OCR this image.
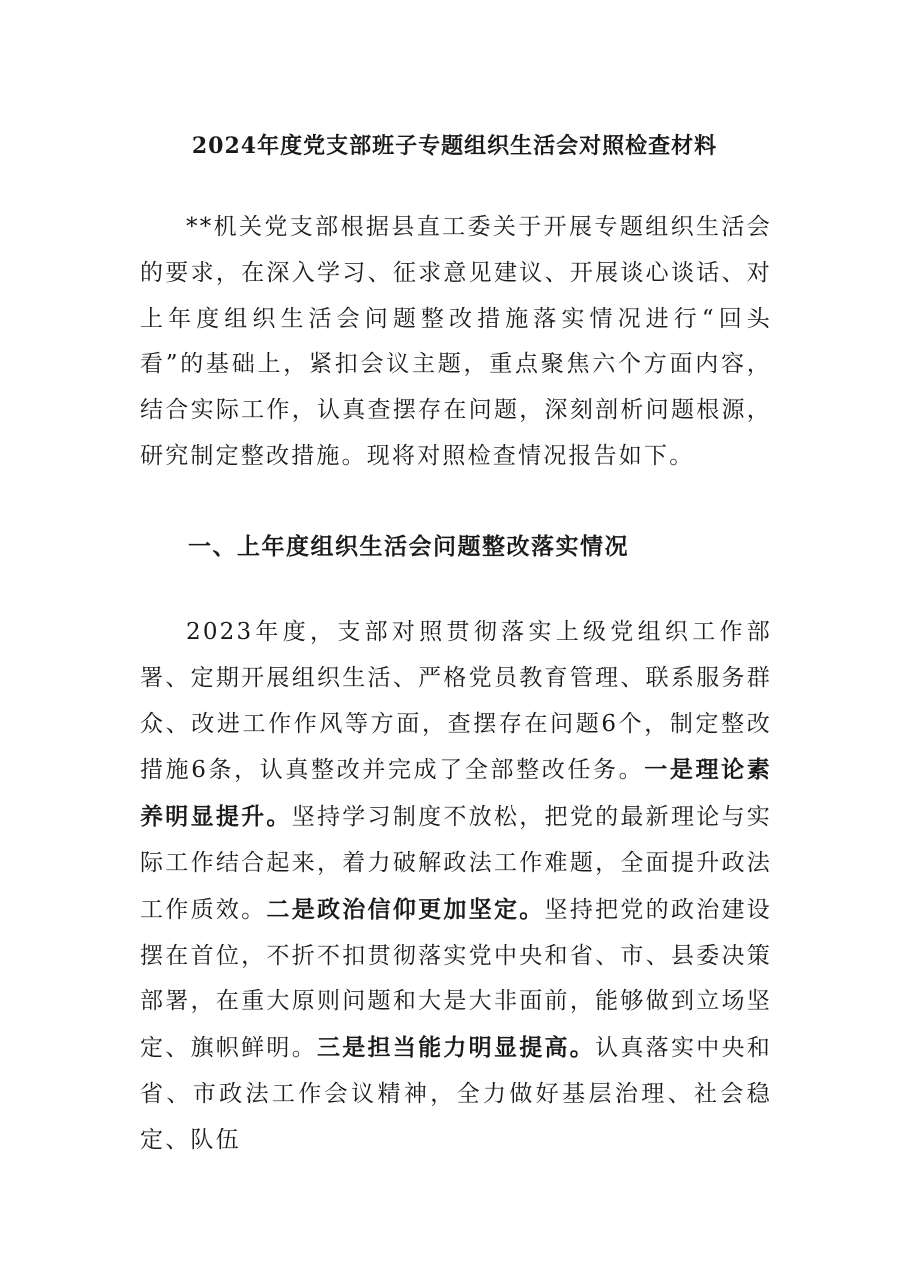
2024年度党支部班子专题组织生活会对照检查材料

**机关党支部根据县直工委关于开展专题组织生活会的要求，在深入学习、征求意见建议、开展谈心谈话、对上年度组织生活会问题整改措施落实情况进行“回头看”的基础上，紧扣会议主题，重点聚焦六个方面内容，结合实际工作，认真查摆存在问题，深刻剖析问题根源，研究制定整改措施。现将对照检查情况报告如下。

一、上年度组织生活会问题整改落实情况

2023年度，支部对照贯彻落实上级党组织工作部署、定期开展组织生活、严格党员教育管理、联系服务群众、改进工作作风等方面，查摆存在问题6个，制定整改措施6条，认真整改并完成了全部整改任务。一是理论素养明显提升。坚持学习制度不放松，把党的最新理论与实际工作结合起来，着力破解政法工作难题，全面提升政法工作质效。二是政治信仰更加坚定。坚持把党的政治建设摆在首位，不折不扣贯彻落实党中央和省、市、县委决策部署，在重大原则问题和大是大非面前，能够做到立场坚定、旗帜鲜明。三是担当能力明显提高。认真落实中央和省、市政法工作会议精神，全力做好基层治理、社会稳定、队伍
